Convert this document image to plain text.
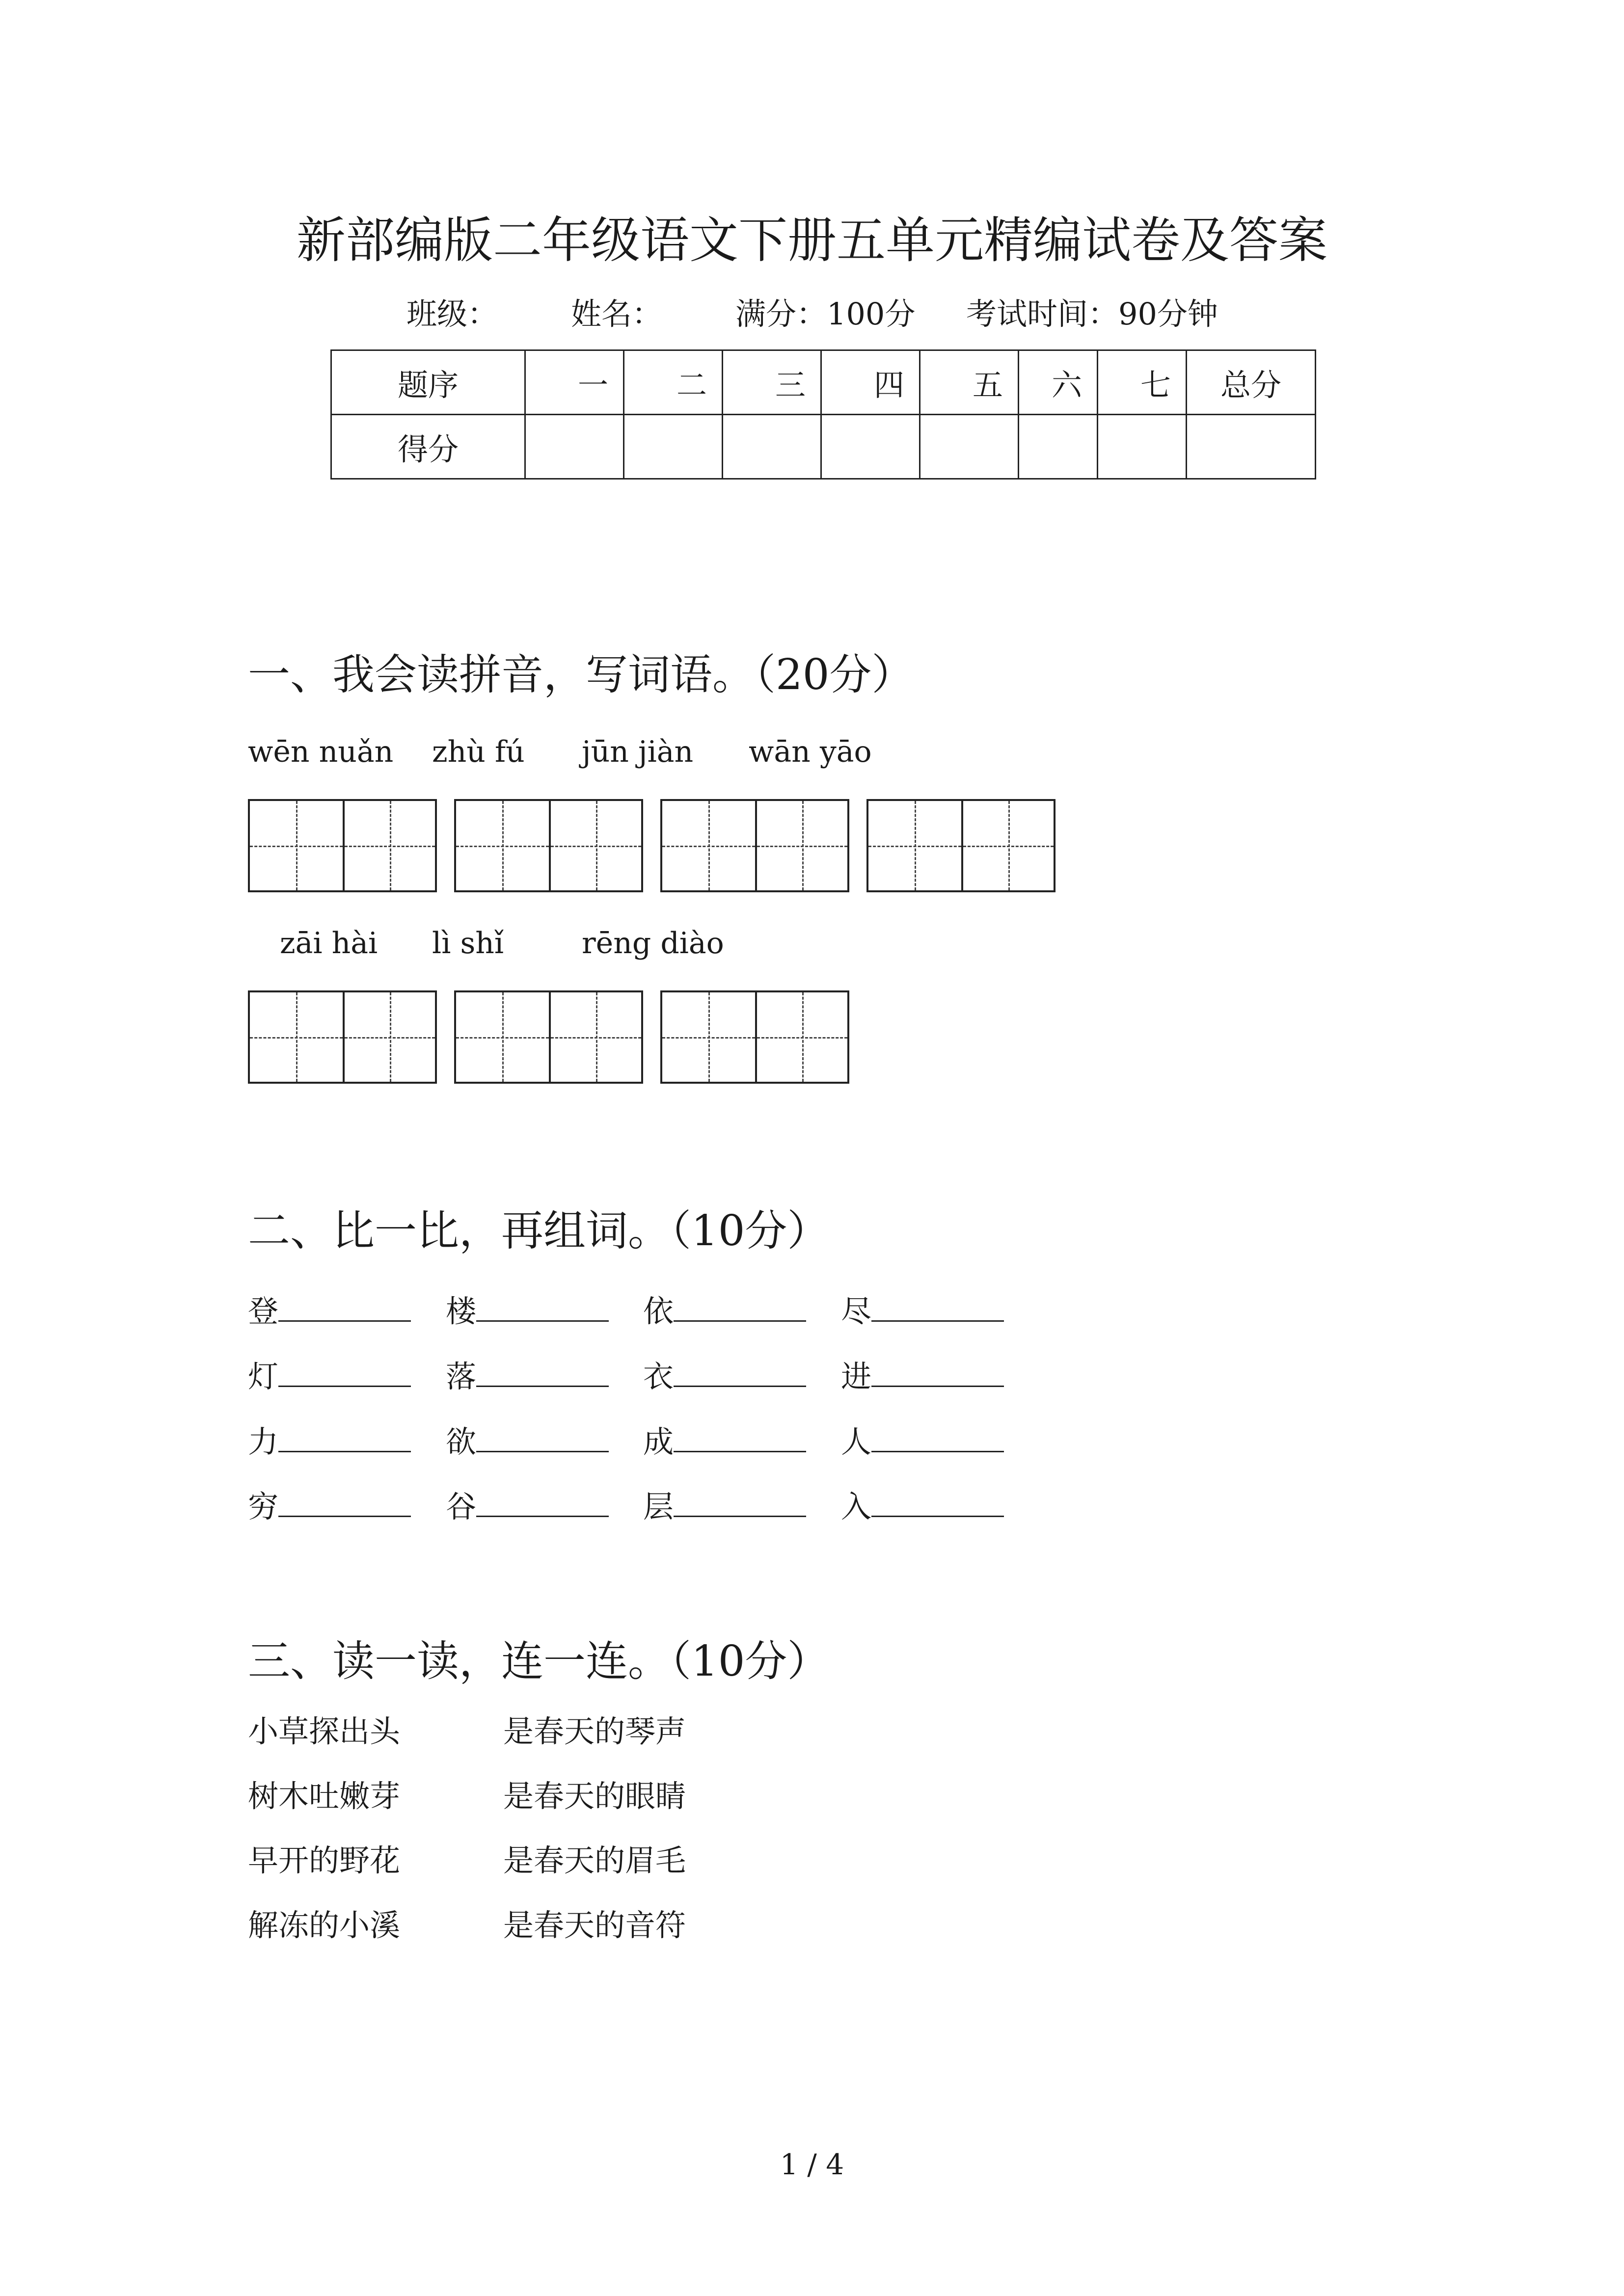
新部编版二年级语文下册五单元精编试卷及答案
班级： 姓名： 满分：100分 考试时间：90分钟
题序	一	二	三	四	五	六	七	总分
得分								
一、我会读拼音，写词语。（20分）
wēn nuǎn zhù fú jūn jiàn wān yāo
zāi hài lì shǐ	rēng diào
二、比一比，再组词。（10分）
登	楼	依	尽
灯	落	衣	进
力	欲	成	人
穷	谷	层	入
三、读一读，连一连。（10分）
小草探出头	是春天的琴声
树木吐嫩芽	是春天的眼睛
早开的野花	是春天的眉毛
解冻的小溪	是春天的音符
1 / 4
